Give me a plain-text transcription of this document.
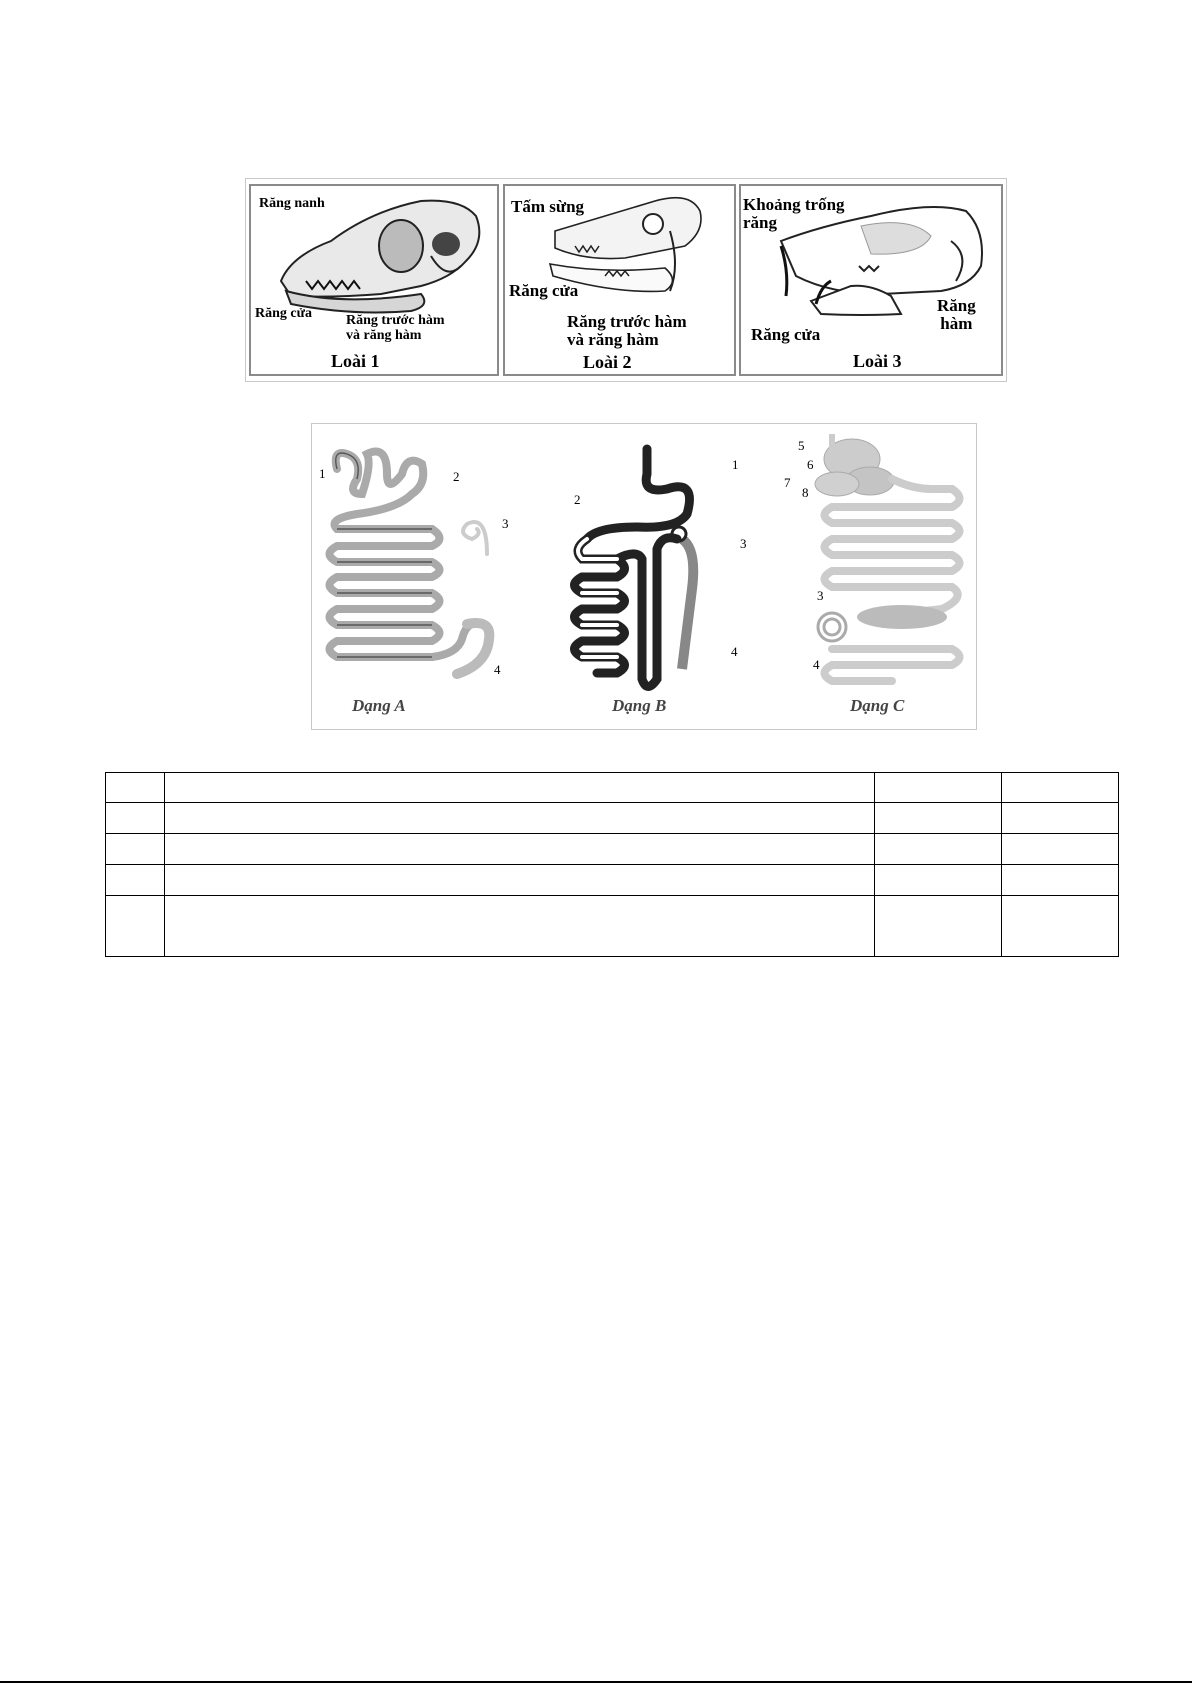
Răng nanh
Răng cửa Răng trước hàm
và răng hàm
Loài 1
Tấm sừng
Răng cửa
Răng trước hàm
và răng hàm
Loài 2
Khoảng trống
răng
Răng cửa
Răng
hàm
Loài 3
1	2
3
4
Dạng A
1
2
3
4
Dạng B
5
6
7
8
3
4
Dạng C
